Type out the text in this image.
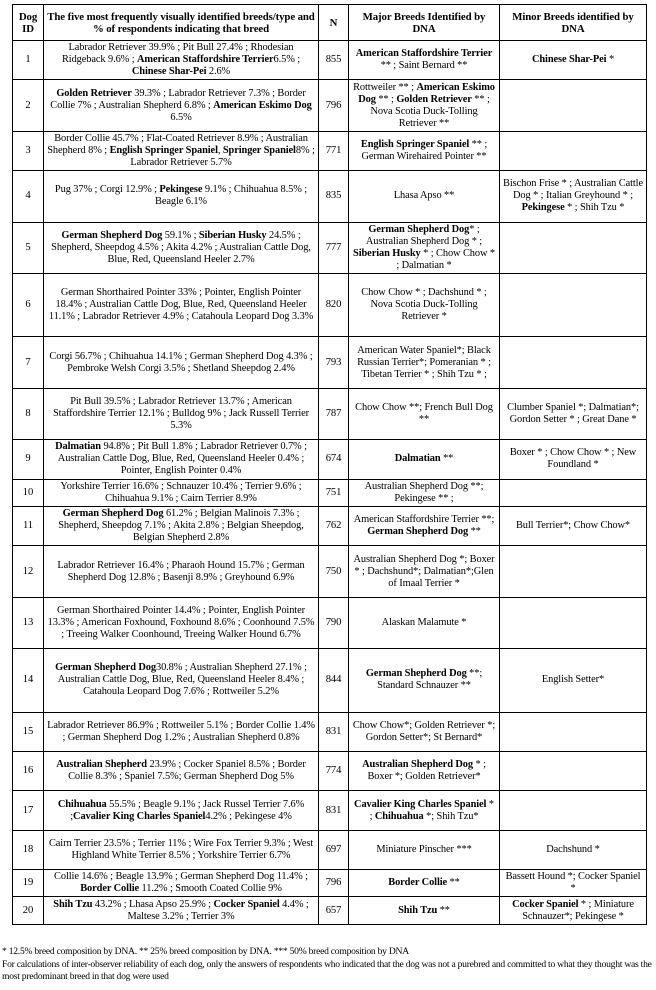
Dog ID	The five most frequently visually identified breeds/type and % of respondents indicating that breed	N	Major Breeds Identified by DNA	Minor Breeds identified by DNA
1	Labrador Retriever 39.9% ; Pit Bull 27.4% ; Rhodesian Ridgeback 9.6% ; American Staffordshire Terrier6.5% ; Chinese Shar-Pei 2.6%	855	American Staffordshire Terrier ** ; Saint Bernard **	Chinese Shar-Pei *
2	Golden Retriever 39.3% ; Labrador Retriever 7.3% ; Border Collie 7% ; Australian Shepherd 6.8% ; American Eskimo Dog 6.5%	796	Rottweiler ** ; American Eskimo Dog ** ; Golden Retriever ** ; Nova Scotia Duck-Tolling Retriever **	
3	Border Collie 45.7% ; Flat-Coated Retriever 8.9% ; Australian Shepherd 8% ; English Springer Spaniel, Springer Spaniel8% ; Labrador Retriever 5.7%	771	English Springer Spaniel ** ; German Wirehaired Pointer **	
4	Pug 37% ; Corgi 12.9% ; Pekingese 9.1% ; Chihuahua 8.5% ; Beagle 6.1%	835	Lhasa Apso **	Bischon Frise * ; Australian Cattle Dog * ; Italian Greyhound * ; Pekingese * ; Shih Tzu *
5	German Shepherd Dog 59.1% ; Siberian Husky 24.5% ; Shepherd, Sheepdog 4.5% ; Akita 4.2% ; Australian Cattle Dog, Blue, Red, Queensland Heeler 2.7%	777	German Shepherd Dog* ; Australian Shepherd Dog * ; Siberian Husky * ; Chow Chow * ; Dalmatian *	
6	German Shorthaired Pointer 33% ; Pointer, English Pointer 18.4% ; Australian Cattle Dog, Blue, Red, Queensland Heeler 11.1% ; Labrador Retriever 4.9% ; Catahoula Leopard Dog 3.3%	820	Chow Chow * ; Dachshund * ; Nova Scotia Duck-Tolling Retriever *	
7	Corgi 56.7% ; Chihuahua 14.1% ; German Shepherd Dog 4.3% ; Pembroke Welsh Corgi 3.5% ; Shetland Sheepdog 2.4%	793	American Water Spaniel*; Black Russian Terrier*; Pomeranian * ; Tibetan Terrier * ; Shih Tzu * ;	
8	Pit Bull 39.5% ; Labrador Retriever 13.7% ; American Staffordshire Terrier 12.1% ; Bulldog 9% ; Jack Russell Terrier 5.3%	787	Chow Chow **; French Bull Dog **	Clumber Spaniel *; Dalmatian*; Gordon Setter * ; Great Dane *
9	Dalmatian 94.8% ; Pit Bull 1.8% ; Labrador Retriever 0.7% ; Australian Cattle Dog, Blue, Red, Queensland Heeler 0.4% ; Pointer, English Pointer 0.4%	674	Dalmatian **	Boxer * ; Chow Chow * ; New Foundland *
10	Yorkshire Terrier 16.6% ; Schnauzer 10.4% ; Terrier 9.6% ; Chihuahua 9.1% ; Cairn Terrier 8.9%	751	Australian Shepherd Dog **; Pekingese ** ;	
11	German Shepherd Dog 61.2% ; Belgian Malinois 7.3% ; Shepherd, Sheepdog 7.1% ; Akita 2.8% ; Belgian Sheepdog, Belgian Shepherd 2.8%	762	American Staffordshire Terrier **; German Shepherd Dog **	Bull Terrier*; Chow Chow*
12	Labrador Retriever 16.4% ; Pharaoh Hound 15.7% ; German Shepherd Dog 12.8% ; Basenji 8.9% ; Greyhound 6.9%	750	Australian Shepherd Dog *; Boxer * ; Dachshund*; Dalmatian*;Glen of Imaal Terrier *	
13	German Shorthaired Pointer 14.4% ; Pointer, English Pointer 13.3% ; American Foxhound, Foxhound 8.6% ; Coonhound 7.5% ; Treeing Walker Coonhound, Treeing Walker Hound 6.7%	790	Alaskan Malamute *	
14	German Shepherd Dog30.8% ; Australian Shepherd 27.1% ; Australian Cattle Dog, Blue, Red, Queensland Heeler 8.4% ; Catahoula Leopard Dog 7.6% ; Rottweiler 5.2%	844	German Shepherd Dog **; Standard Schnauzer **	English Setter*
15	Labrador Retriever 86.9% ; Rottweiler 5.1% ; Border Collie 1.4% ; German Shepherd Dog 1.2% ; Australian Shepherd 0.8%	831	Chow Chow*; Golden Retriever *; Gordon Setter*; St Bernard*	
16	Australian Shepherd 23.9% ; Cocker Spaniel 8.5% ; Border Collie 8.3% ; Spaniel 7.5%; German Shepherd Dog 5%	774	Australian Shepherd Dog * ; Boxer *; Golden Retriever*	
17	Chihuahua 55.5% ; Beagle 9.1% ; Jack Russel Terrier 7.6% ;Cavalier King Charles Spaniel4.2% ; Pekingese 4%	831	Cavalier King Charles Spaniel * ; Chihuahua *; Shih Tzu*	
18	Cairn Terrier 23.5% ; Terrier 11% ; Wire Fox Terrier 9.3% ; West Highland White Terrier 8.5% ; Yorkshire Terrier 6.7%	697	Miniature Pinscher ***	Dachshund *
19	Collie 14.6% ; Beagle 13.9% ; German Shepherd Dog 11.4% ; Border Collie 11.2% ; Smooth Coated Collie 9%	796	Border Collie **	Bassett Hound *; Cocker Spaniel *
20	Shih Tzu 43.2% ; Lhasa Apso 25.9% ; Cocker Spaniel 4.4% ; Maltese 3.2% ; Terrier 3%	657	Shih Tzu **	Cocker Spaniel * ; Miniature Schnauzer*; Pekingese *
* 12.5% breed composition by DNA. ** 25% breed composition by DNA. *** 50% breed composition by DNA
For calculations of inter-observer reliability of each dog, only the answers of respondents who indicated that the dog was not a purebred and committed to what they thought was the most predominant breed in that dog were used
